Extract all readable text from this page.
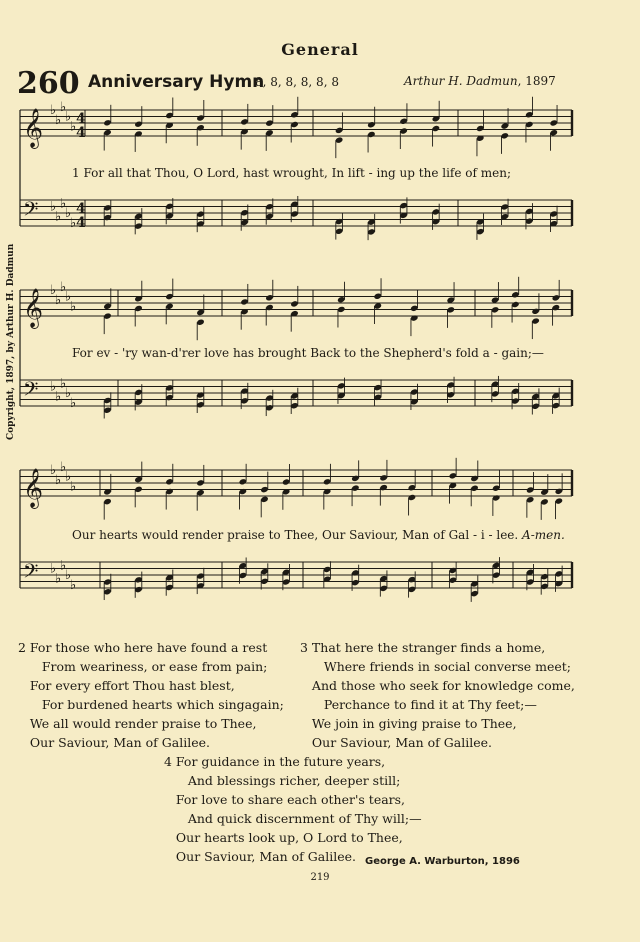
General
260 Anniversary Hymn
8, 8, 8, 8, 8, 8	Arthur H. Dadmun, 1897
Copyright, 1897, by Arthur H. Dadmun
𝄞 ♭
♭
♭
♭
♭ 4
4
𝄢 ♭
♭
♭
♭
♭
4
4
𝄞 ♭
♭
♭
♭
♭
𝄢 ♭
♭
♭
♭
♭
𝄞 ♭
♭
♭
♭
♭
𝄢 ♭
♭
♭
♭
♭
1 For all that Thou, O Lord, hast wrought, In lift - ing up the life of men;
For ev - 'ry wan-d'rer love has brought Back to the Shepherd's fold a - gain;—
Our hearts would render praise to Thee, Our Saviour, Man of Gal - i - lee. A-men.
2 For those who here have found a rest
From weariness, or ease from pain;
For every effort Thou hast blest,
For burdened hearts which singagain;
We all would render praise to Thee,
Our Saviour, Man of Galilee.
3 That here the stranger finds a home,
Where friends in social converse meet;
And those who seek for knowledge come,
Perchance to find it at Thy feet;—
We join in giving praise to Thee,
Our Saviour, Man of Galilee.
4 For guidance in the future years,
And blessings richer, deeper still;
For love to share each other's tears,
And quick discernment of Thy will;—
Our hearts look up, O Lord to Thee,
Our Saviour, Man of Galilee. George A. Warburton, 1896
219
